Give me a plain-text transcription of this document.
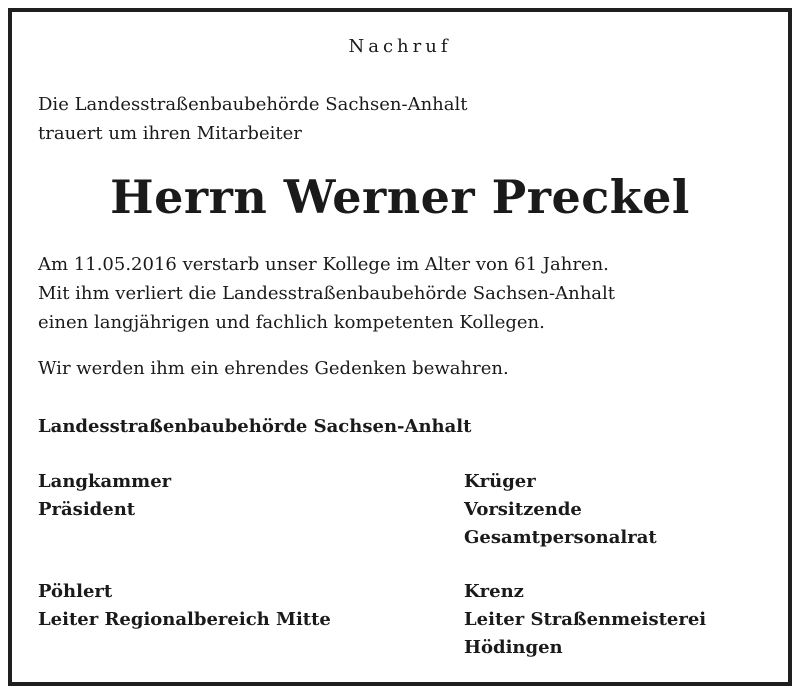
Nachruf
Die Landesstraßenbaubehörde Sachsen-Anhalt
trauert um ihren Mitarbeiter
Herrn Werner Preckel
Am 11.05.2016 verstarb unser Kollege im Alter von 61 Jahren.
Mit ihm verliert die Landesstraßenbaubehörde Sachsen-Anhalt
einen langjährigen und fachlich kompetenten Kollegen.
Wir werden ihm ein ehrendes Gedenken bewahren.
Landesstraßenbaubehörde Sachsen-Anhalt
Langkammer
Präsident
Krüger
Vorsitzende
Gesamtpersonalrat
Pöhlert
Leiter Regionalbereich Mitte
Krenz
Leiter Straßenmeisterei
Hödingen
